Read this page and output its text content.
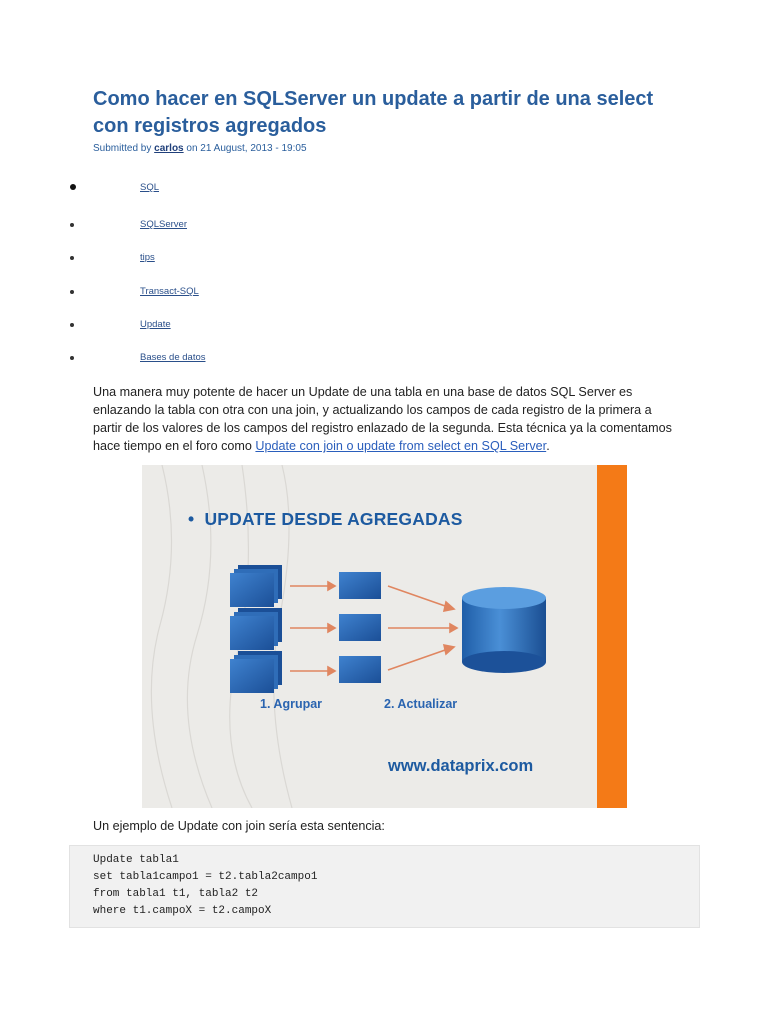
Como hacer en SQLServer un update a partir de una select con registros agregados
Submitted by carlos on 21 August, 2013 - 19:05
SQL
SQLServer
tips
Transact-SQL
Update
Bases de datos

Una manera muy potente de hacer un Update de una tabla en una base de datos SQL Server es enlazando la tabla con otra con una join, y actualizando los campos de cada registro de la primera a partir de los valores de los campos del registro enlazado de la segunda. Esta técnica ya la comentamos hace tiempo en el foro como Update con join o update from select en SQL Server.

• UPDATE DESDE AGREGADAS
1. Agrupar	2. Actualizar
www.dataprix.com
Un ejemplo de Update con join sería esta sentencia:
Update tabla1
set tabla1campo1 = t2.tabla2campo1
from tabla1 t1, tabla2 t2
where t1.campoX = t2.campoX
